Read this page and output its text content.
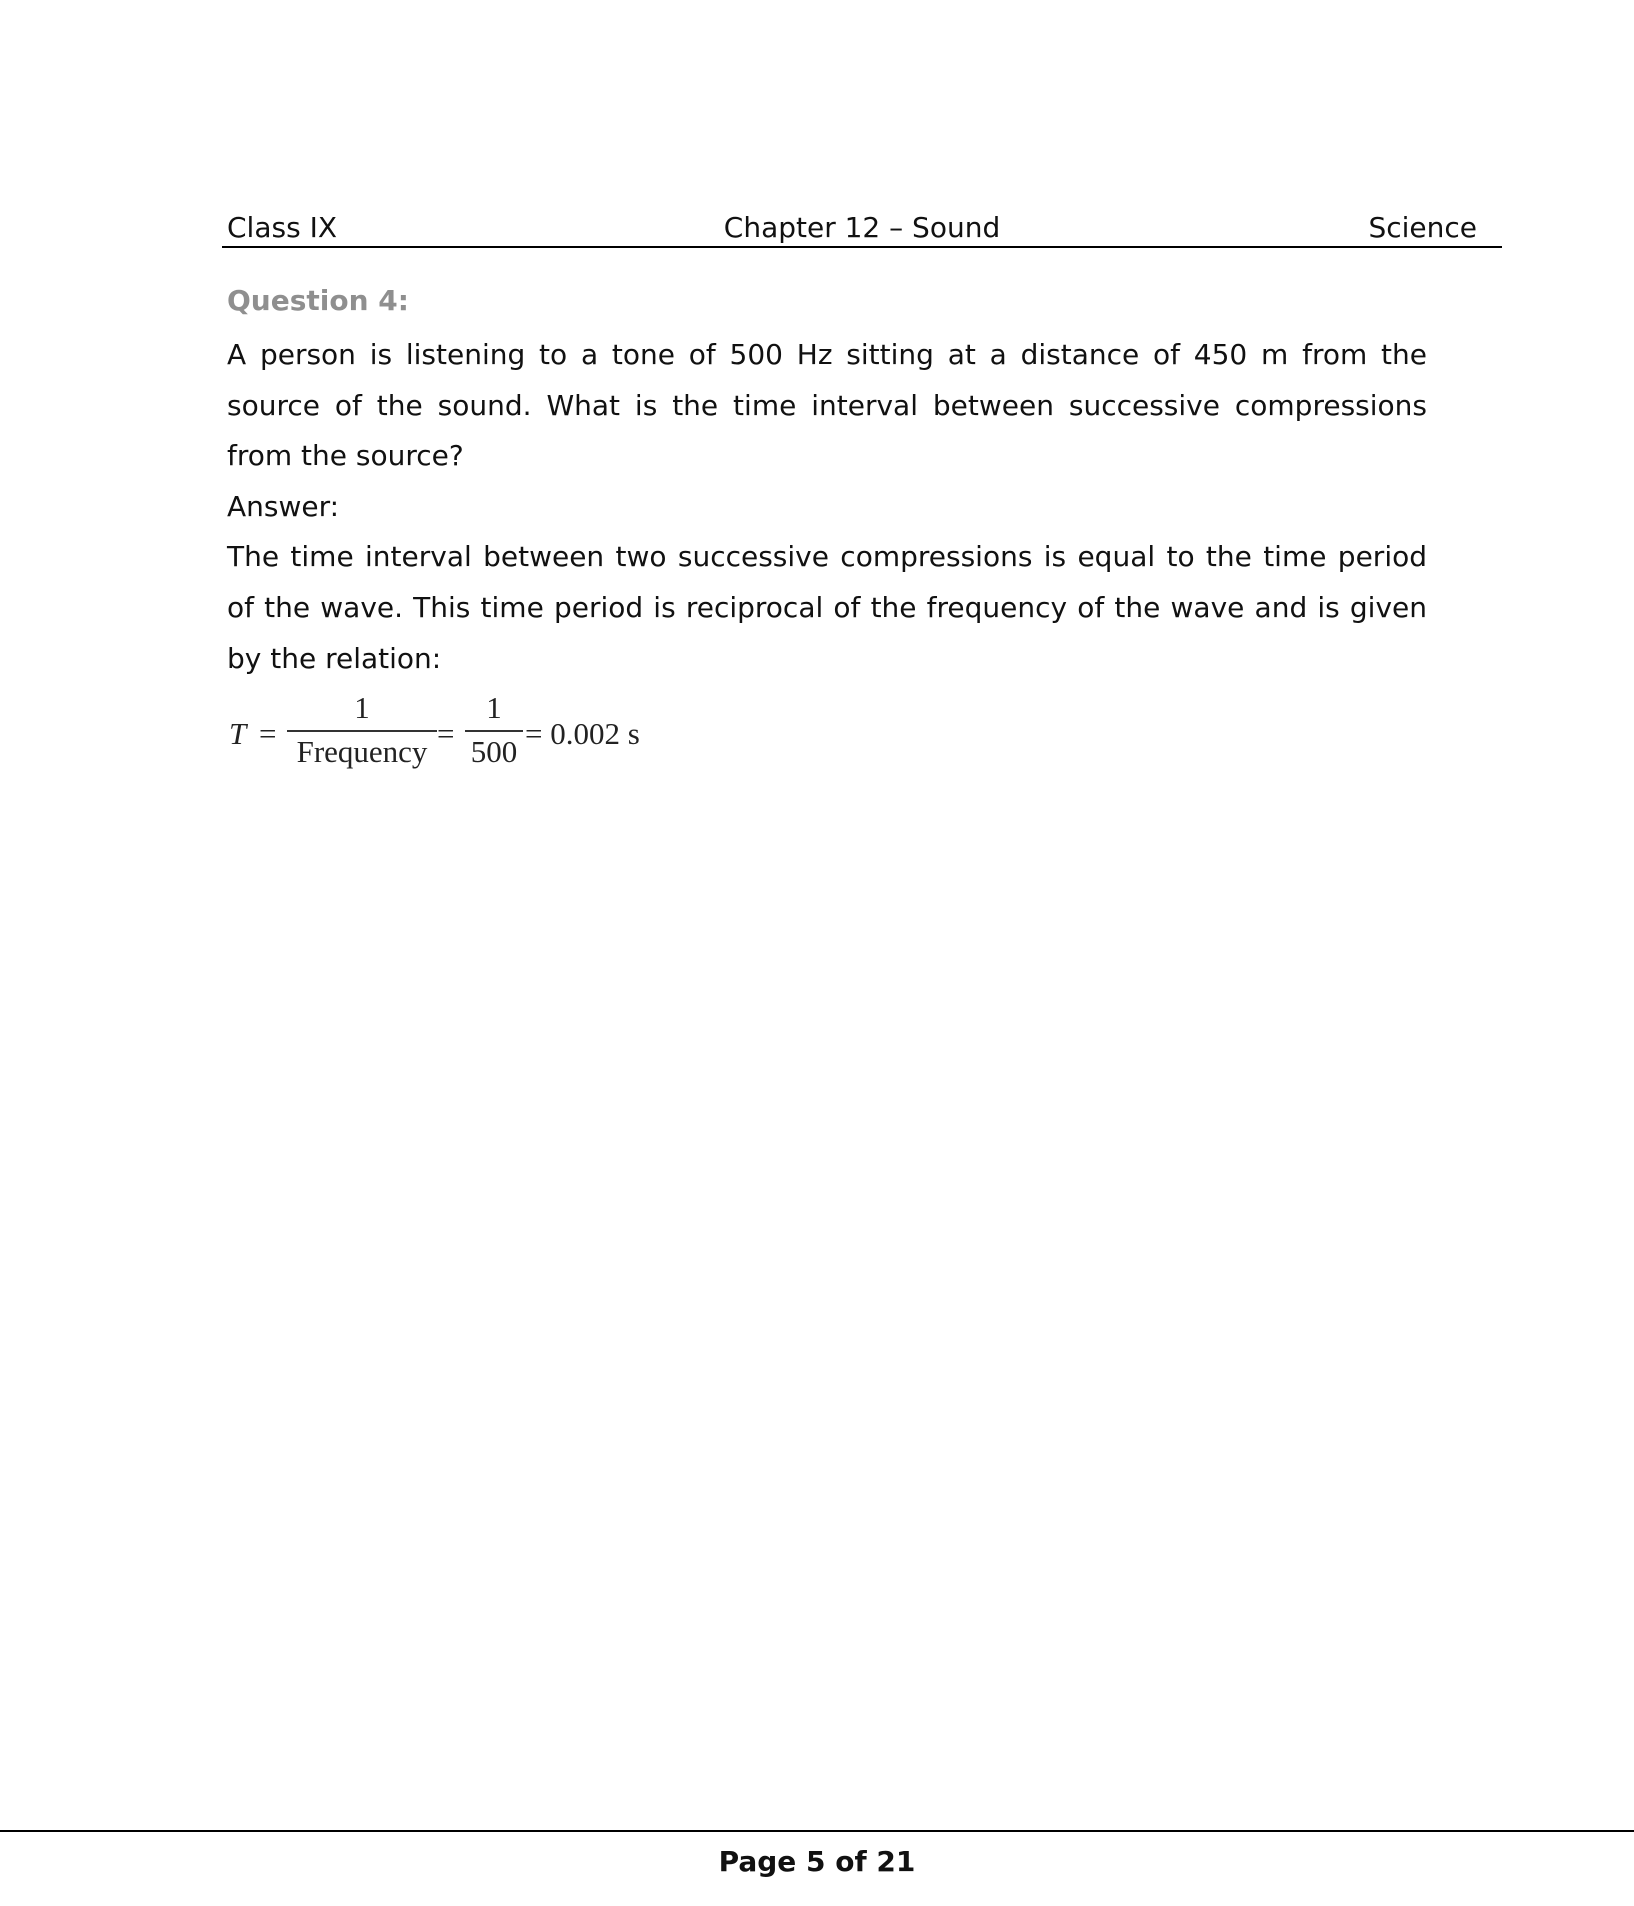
Class IX	Chapter 12 – Sound	Science
Question 4:

A person is listening to a tone of 500 Hz sitting at a distance of 450 m from the source of the sound. What is the time interval between successive compressions from the source?

Answer:

The time interval between two successive compressions is equal to the time period of the wave. This time period is reciprocal of the frequency of the wave and is given by the relation:

T =
1
Frequency
=
1
500
= 0.002 s
Page 5 of 21
